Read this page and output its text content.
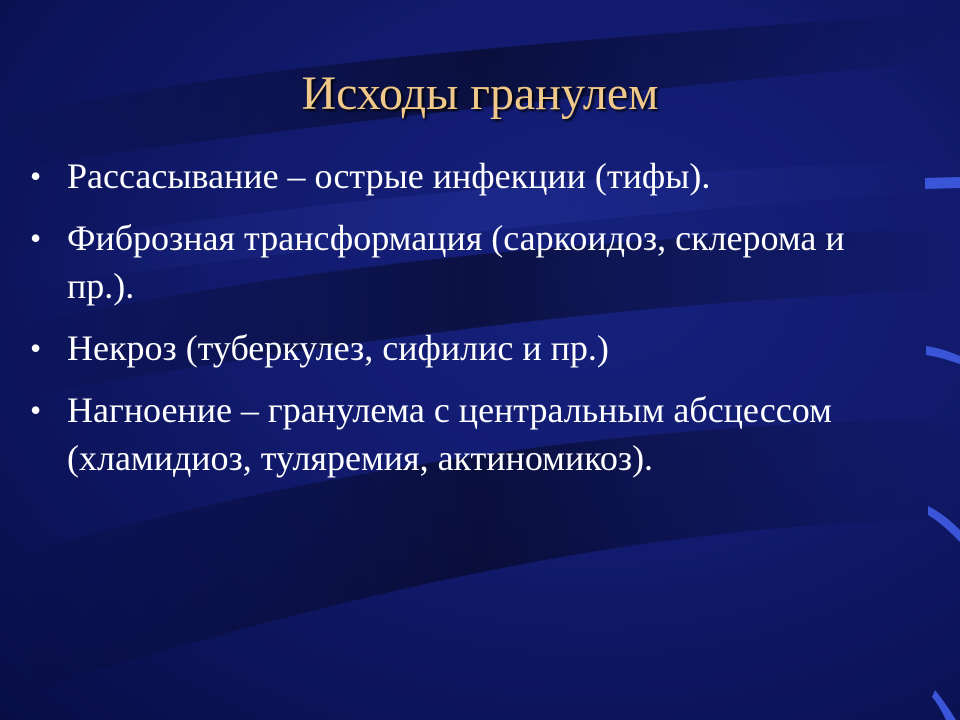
Исходы гранулем
• Рассасывание – острые инфекции (тифы).
• Фиброзная трансформация (саркоидоз, склерома и пр.).
• Некроз (туберкулез, сифилис и пр.)
• Нагноение – гранулема с центральным абсцессом (хламидиоз, туляремия, актиномикоз).
